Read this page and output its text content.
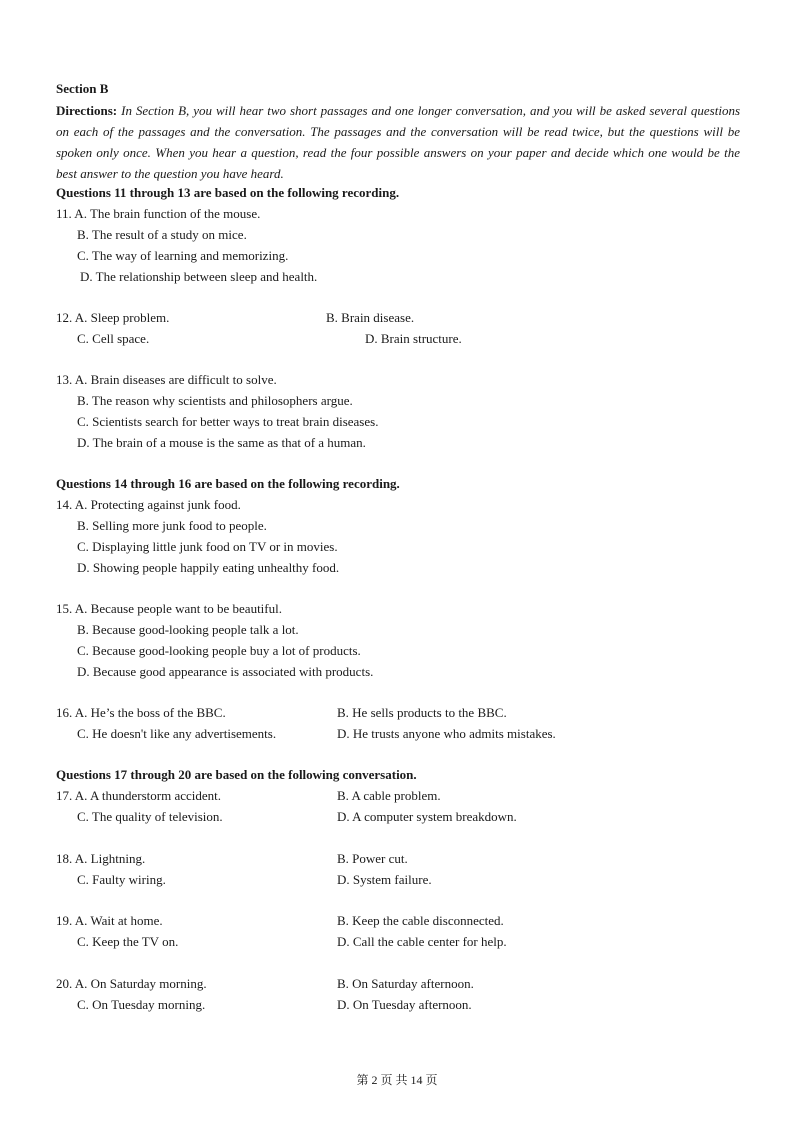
Section B
Directions: In Section B, you will hear two short passages and one longer conversation, and you will be asked several questions on each of the passages and the conversation. The passages and the conversation will be read twice, but the questions will be spoken only once. When you hear a question, read the four possible answers on your paper and decide which one would be the best answer to the question you have heard.
Questions 11 through 13 are based on the following recording.
11. A. The brain function of the mouse.
B. The result of a study on mice.
C. The way of learning and memorizing.
D. The relationship between sleep and health.
12. A. Sleep problem.	B. Brain disease.
C. Cell space.	D. Brain structure.
13. A. Brain diseases are difficult to solve.
B. The reason why scientists and philosophers argue.
C. Scientists search for better ways to treat brain diseases.
D. The brain of a mouse is the same as that of a human.
Questions 14 through 16 are based on the following recording.
14. A. Protecting against junk food.
B. Selling more junk food to people.
C. Displaying little junk food on TV or in movies.
D. Showing people happily eating unhealthy food.
15. A. Because people want to be beautiful.
B. Because good-looking people talk a lot.
C. Because good-looking people buy a lot of products.
D. Because good appearance is associated with products.
16. A. He’s the boss of the BBC.	B. He sells products to the BBC.
C. He doesn't like any advertisements.	D. He trusts anyone who admits mistakes.
Questions 17 through 20 are based on the following conversation.
17. A. A thunderstorm accident.	B. A cable problem.
C. The quality of television.	D. A computer system breakdown.
18. A. Lightning.	B. Power cut.
C. Faulty wiring.	D. System failure.
19. A. Wait at home.	B. Keep the cable disconnected.
C. Keep the TV on.	D. Call the cable center for help.
20. A. On Saturday morning.	B. On Saturday afternoon.
C. On Tuesday morning.	D. On Tuesday afternoon.
第 2 页 共 14 页
